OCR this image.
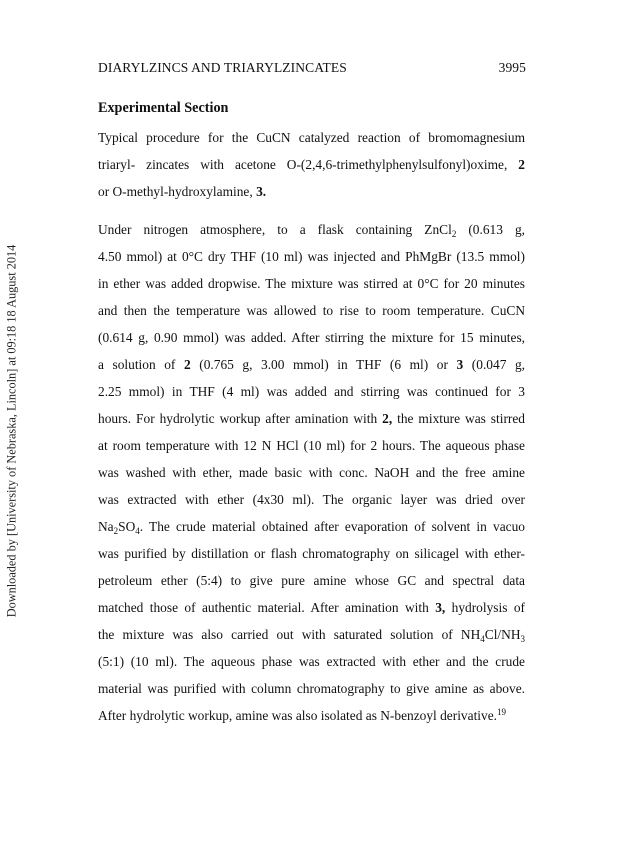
Downloaded by [University of Nebraska, Lincoln] at 09:18 18 August 2014
DIARYLZINCS AND TRIARYLZINCATES	3995
Experimental Section
Typical procedure for the CuCN catalyzed reaction of bromomagnesium
triaryl- zincates with acetone O-(2,4,6-trimethylphenylsulfonyl)oxime, 2
or O-methyl-hydroxylamine, 3.
Under nitrogen atmosphere, to a flask containing ZnCl$_2$ (0.613 g,
4.50 mmol) at 0°C dry THF (10 ml) was injected and PhMgBr (13.5 mmol)
in ether was added dropwise. The mixture was stirred at 0°C for 20 minutes
and then the temperature was allowed to rise to room temperature. CuCN
(0.614 g, 0.90 mmol) was added. After stirring the mixture for 15 minutes,
a solution of 2 (0.765 g, 3.00 mmol) in THF (6 ml) or 3 (0.047 g,
2.25 mmol) in THF (4 ml) was added and stirring was continued for 3
hours. For hydrolytic workup after amination with 2, the mixture was stirred
at room temperature with 12 N HCl (10 ml) for 2 hours. The aqueous phase
was washed with ether, made basic with conc. NaOH and the free amine
was extracted with ether (4x30 ml). The organic layer was dried over
$Na_2SO_4$. The crude material obtained after evaporation of solvent in vacuo
was purified by distillation or flash chromatography on silicagel with ether-
petroleum ether (5:4) to give pure amine whose GC and spectral data
matched those of authentic material. After amination with 3, hydrolysis of
the mixture was also carried out with saturated solution of $NH_4Cl/NH_3$
(5:1) (10 ml). The aqueous phase was extracted with ether and the crude
material was purified with column chromatography to give amine as above.
After hydrolytic workup, amine was also isolated as N-benzoyl derivative.$^{19}$
